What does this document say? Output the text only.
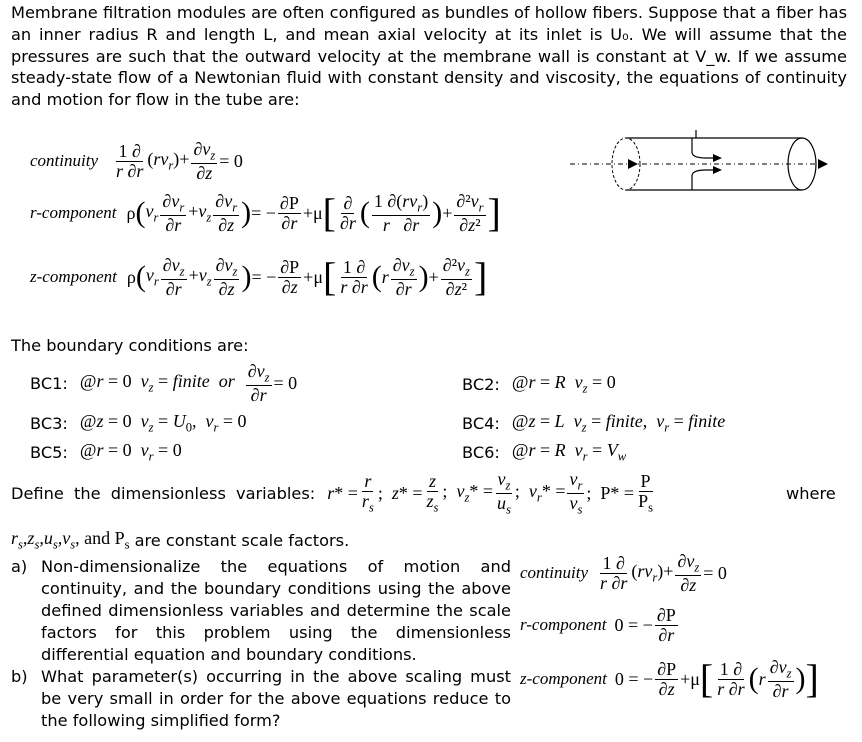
Membrane filtration modules are often configured as bundles of hollow fibers. Suppose that a fiber has an inner radius R and length L, and mean axial velocity at its inlet is U₀. We will assume that the pressures are such that the outward velocity at the membrane wall is constant at V_w. If we assume steady-state flow of a Newtonian fluid with constant density and viscosity, the equations of continuity and motion for flow in the tube are:

continuity $\frac{1 \partial}{r \partial r} (rv_r)+ \frac{\partial v_z}{\partial z} = 0$
r-component ρ ( $v_r \frac{\partial v_r}{\partial r} +v_z \frac{\partial v_r}{\partial z}$ ) = − $\frac{\partial P}{\partial r} +\mu$ [ $\frac{\partial}{\partial r}$ ( $\frac{1 \partial(rv_r)}{r \partial r}$ ) + $\frac{\partial^2v_r}{\text{∂z²}}$ ]
z-component ρ ( $v_r \frac{\partial v_z}{\partial r} +v_z \frac{\partial v_z}{\partial z}$ ) = − $\frac{\partial P}{\partial z} +\mu$ [ $\frac{1 \partial}{r \partial r}$ ( r $\frac{\partial v_z}{\partial r}$ ) + $\frac{\partial^2v_z}{\text{∂z²}}$ ]
The boundary conditions are:
BC1: @r = 0  $v_z$ = finite or $\frac{\partial v_z}{\partial r} = 0$	BC2: @r = R $v_z = 0$
BC3: @z = 0  $v_z = U_0$,  $v_r = 0$	BC4: @z = L $v_z$ = finite,  $v_r$ = finite
BC5: @r = 0  $v_r = 0$	BC6: @r = R $v_r = V_w$
Define the dimensionless variables: $r* = \frac{r}{r_s}$ ;  $z* = \frac{z}{z_s}$ ;  $v_z* = \frac{v_z}{u_s}$ ;  $v_r* = \frac{v_r}{v_s}$ ;  $P* = \frac{P}{P_s}$	where
$r_s,z_s,u_s,v_s$ , and $P_s$ are constant scale factors.
a) Non-dimensionalize the equations of motion and continuity, and the boundary conditions using the above defined dimensionless variables and determine the scale factors for this problem using the dimensionless differential equation and boundary conditions.
b) What parameter(s) occurring in the above scaling must be very small in order for the above equations reduce to the following simplified form?
continuity $\frac{1 \partial}{r \partial r} (rv_r)+ \frac{\partial v_z}{\partial z} = 0$
r-component 0 = − $\frac{\partial P}{\partial r}$
z-component 0 = − $\frac{\partial P}{\partial z} +\mu$ [ $\frac{1 \partial}{r \partial r}$ ( r $\frac{\partial v_z}{\partial r}$ ) ]
